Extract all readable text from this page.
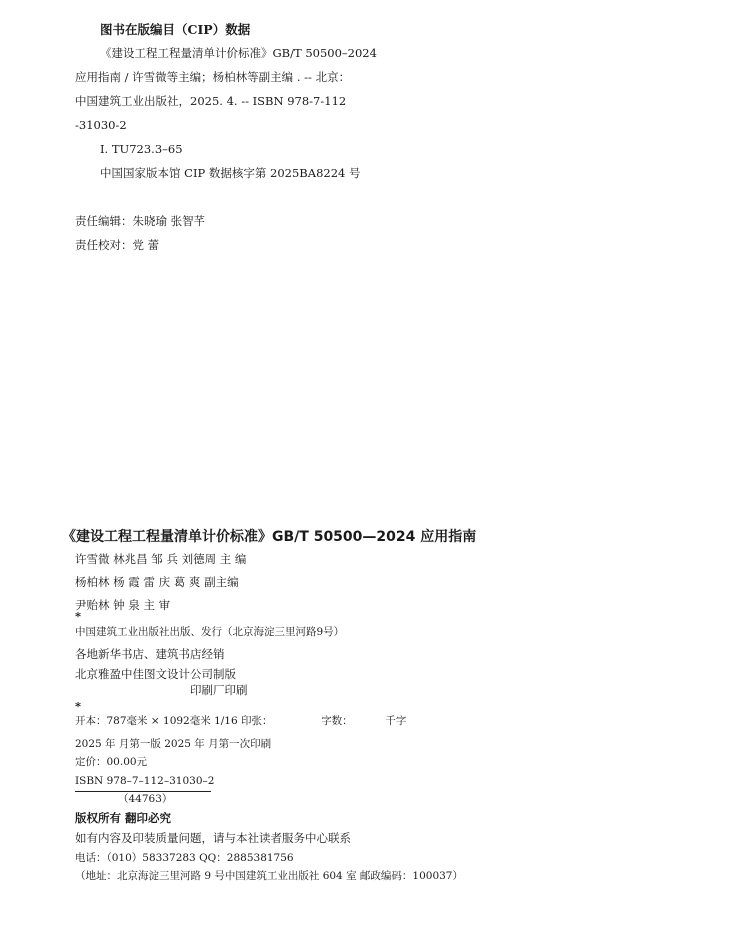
图书在版编目（CIP）数据
《建设工程工程量清单计价标准》GB/T 50500–2024
应用指南 / 许雪微等主编；杨柏林等副主编 . -- 北京：
中国建筑工业出版社，2025. 4. -- ISBN 978-7-112
-31030-2
Ⅰ. TU723.3–65
中国国家版本馆 CIP 数据核字第 2025BA8224 号
责任编辑：朱晓瑜 张智芊
责任校对：党 蕾
《建设工程工程量清单计价标准》GB/T 50500—2024 应用指南
许雪微 林兆昌 邹 兵 刘德周 主 编
杨柏林 杨 霞 雷 庆 葛 爽 副主编
尹贻林 钟 泉 主 审
*
中国建筑工业出版社出版、发行（北京海淀三里河路9号）
各地新华书店、建筑书店经销
北京雅盈中佳图文设计公司制版
印刷厂印刷
*
开本：787毫米 × 1092毫米 1/16 印张：	字数：	千字
2025 年 月第一版 2025 年 月第一次印刷
定价：00.00元
ISBN 978–7–112–31030–2
（44763）
版权所有 翻印必究
如有内容及印装质量问题，请与本社读者服务中心联系
电话：（010）58337283 QQ：2885381756
（地址：北京海淀三里河路 9 号中国建筑工业出版社 604 室 邮政编码：100037）
